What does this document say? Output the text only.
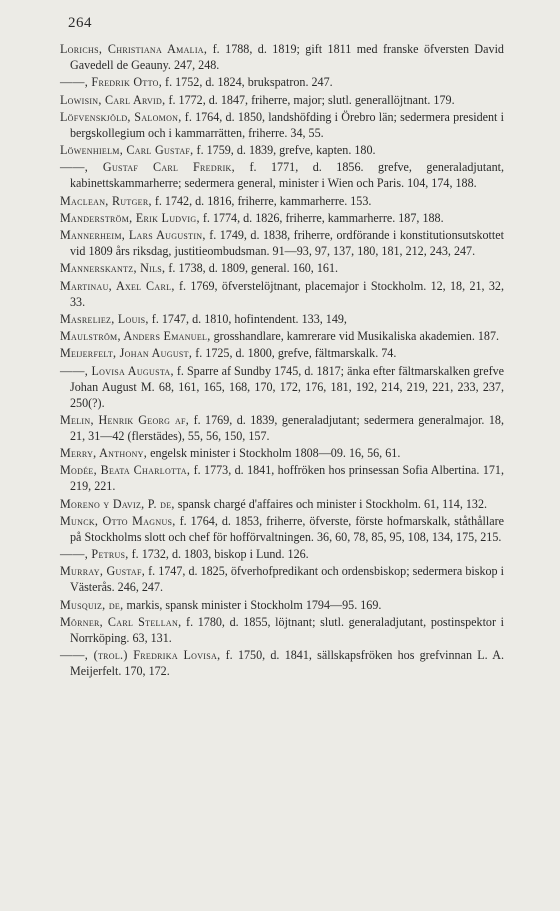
264

Lorichs, Christiana Amalia, f. 1788, d. 1819; gift 1811 med franske öfversten David Gavedell de Geauny. 247, 248.

——, Fredrik Otto, f. 1752, d. 1824, brukspatron. 247.

Lowisin, Carl Arvid, f. 1772, d. 1847, friherre, major; slutl. generallöjtnant. 179.

Löfvenskjöld, Salomon, f. 1764, d. 1850, landshöfding i Örebro län; sedermera president i bergskollegium och i kammarrätten, friherre. 34, 55.

Löwenhielm, Carl Gustaf, f. 1759, d. 1839, grefve, kapten. 180.

——, Gustaf Carl Fredrik, f. 1771, d. 1856. grefve, generaladjutant, kabinettskammarherre; sedermera general, minister i Wien och Paris. 104, 174, 188.

Maclean, Rutger, f. 1742, d. 1816, friherre, kammarherre. 153.

Manderström, Erik Ludvig, f. 1774, d. 1826, friherre, kammarherre. 187, 188.

Mannerheim, Lars Augustin, f. 1749, d. 1838, friherre, ordförande i konstitutionsutskottet vid 1809 års riksdag, justitieombudsman. 91—93, 97, 137, 180, 181, 212, 243, 247.

Mannerskantz, Nils, f. 1738, d. 1809, general. 160, 161.

Martinau, Axel Carl, f. 1769, öfverstelöjtnant, placemajor i Stockholm. 12, 18, 21, 32, 33.

Masreliez, Louis, f. 1747, d. 1810, hofintendent. 133, 149,

Maulström, Anders Emanuel, grosshandlare, kamrerare vid Musikaliska akademien. 187.

Meijerfelt, Johan August, f. 1725, d. 1800, grefve, fältmarskalk. 74.

——, Lovisa Augusta, f. Sparre af Sundby 1745, d. 1817; änka efter fältmarskalken grefve Johan August M. 68, 161, 165, 168, 170, 172, 176, 181, 192, 214, 219, 221, 233, 237, 250(?).

Melin, Henrik Georg af, f. 1769, d. 1839, generaladjutant; sedermera generalmajor. 18, 21, 31—42 (flerstädes), 55, 56, 150, 157.

Merry, Anthony, engelsk minister i Stockholm 1808—09. 16, 56, 61.

Modée, Beata Charlotta, f. 1773, d. 1841, hoffröken hos prinsessan Sofia Albertina. 171, 219, 221.

Moreno y Daviz, P. de, spansk chargé d'affaires och minister i Stockholm. 61, 114, 132.

Munck, Otto Magnus, f. 1764, d. 1853, friherre, öfverste, förste hofmarskalk, ståthållare på Stockholms slott och chef för hofförvaltningen. 36, 60, 78, 85, 95, 108, 134, 175, 215.

——, Petrus, f. 1732, d. 1803, biskop i Lund. 126.

Murray, Gustaf, f. 1747, d. 1825, öfverhofpredikant och ordensbiskop; sedermera biskop i Västerås. 246, 247.

Musquiz, de, markis, spansk minister i Stockholm 1794—95. 169.

Mörner, Carl Stellan, f. 1780, d. 1855, löjtnant; slutl. generaladjutant, postinspektor i Norrköping. 63, 131.

——, (trol.) Fredrika Lovisa, f. 1750, d. 1841, sällskapsfröken hos grefvinnan L. A. Meijerfelt. 170, 172.
